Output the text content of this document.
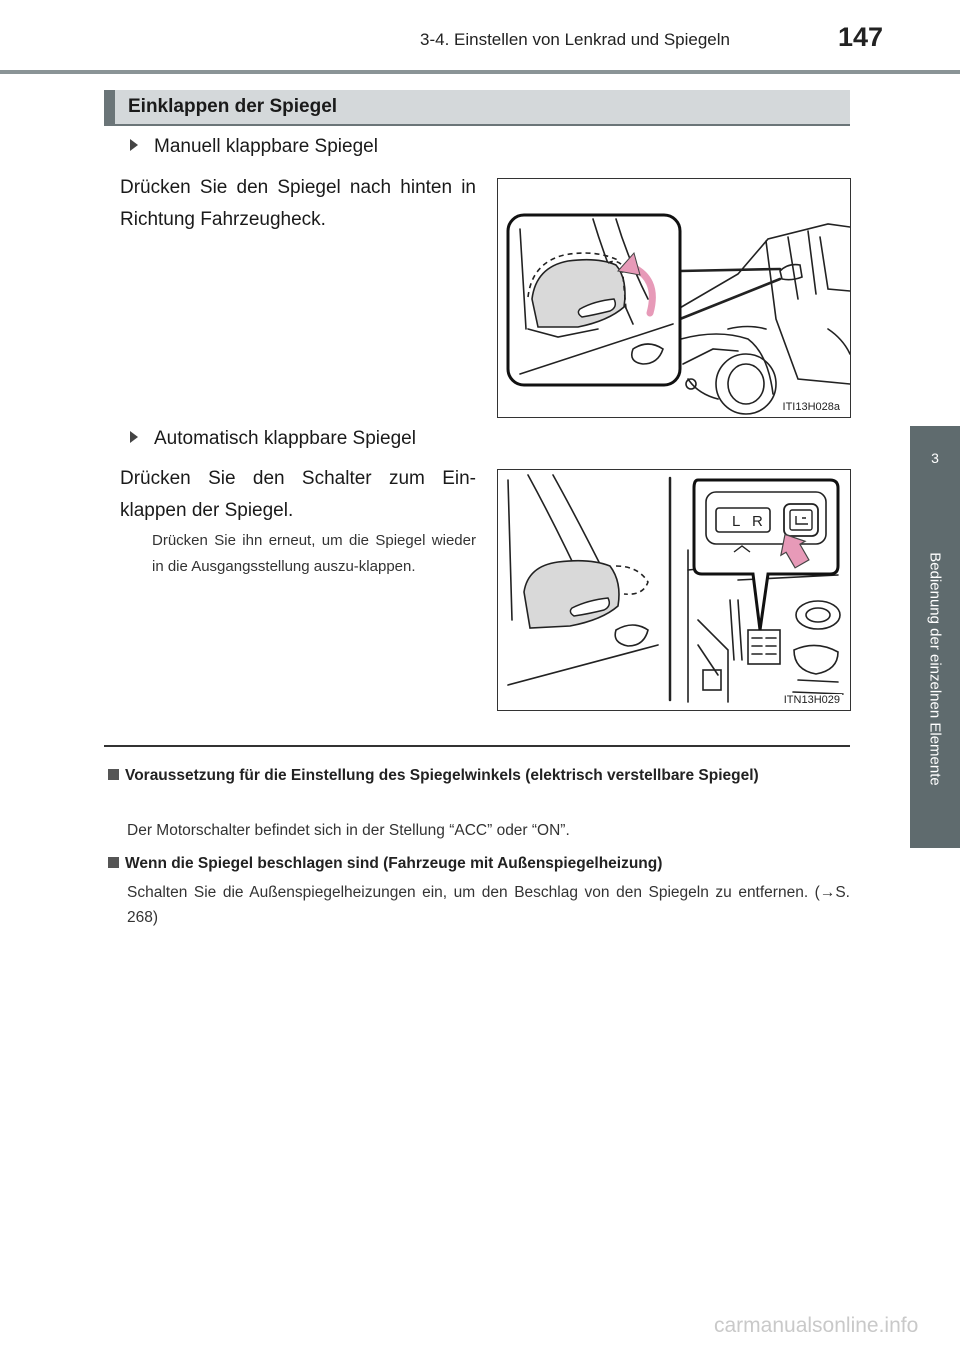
3-4. Einstellen von Lenkrad und Spiegeln	147
3
Bedienung der einzelnen Elemente
Einklappen der Spiegel
Manuell klappbare Spiegel
Drücken Sie den Spiegel nach hinten in Richtung Fahrzeugheck.
ITI13H028a
Automatisch klappbare Spiegel
Drücken Sie den Schalter zum Ein-klappen der Spiegel.
Drücken Sie ihn erneut, um die Spiegel wieder in die Ausgangsstellung auszu-klappen.
L R
ITN13H029
Voraussetzung für die Einstellung des Spiegelwinkels (elektrisch verstellbare Spiegel)
Der Motorschalter befindet sich in der Stellung “ACC” oder “ON”.
Wenn die Spiegel beschlagen sind (Fahrzeuge mit Außenspiegelheizung)
Schalten Sie die Außenspiegelheizungen ein, um den Beschlag von den Spiegeln zu entfernen. (→S. 268)
carmanualsonline.info
